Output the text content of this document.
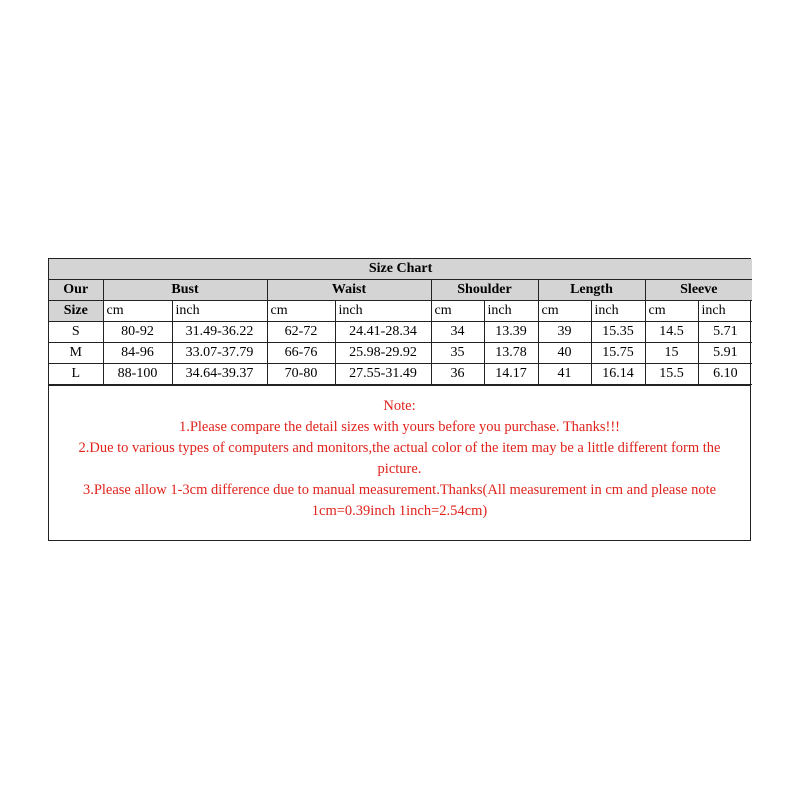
Size Chart										
Our	Bust		Waist		Shoulder		Length		Sleeve	
Size	cm	inch	cm	inch	cm	inch	cm	inch	cm	inch
S	80-92	31.49-36.22	62-72	24.41-28.34	34	13.39	39	15.35	14.5	5.71
M	84-96	33.07-37.79	66-76	25.98-29.92	35	13.78	40	15.75	15	5.91
L	88-100	34.64-39.37	70-80	27.55-31.49	36	14.17	41	16.14	15.5	6.10
Note:
1.Please compare the detail sizes with yours before you purchase. Thanks!!!
2.Due to various types of computers and monitors,the actual color of the item may be a little different form the picture.
3.Please allow 1-3cm difference due to manual measurement.Thanks(All measurement in cm and please note 1cm=0.39inch 1inch=2.54cm)
